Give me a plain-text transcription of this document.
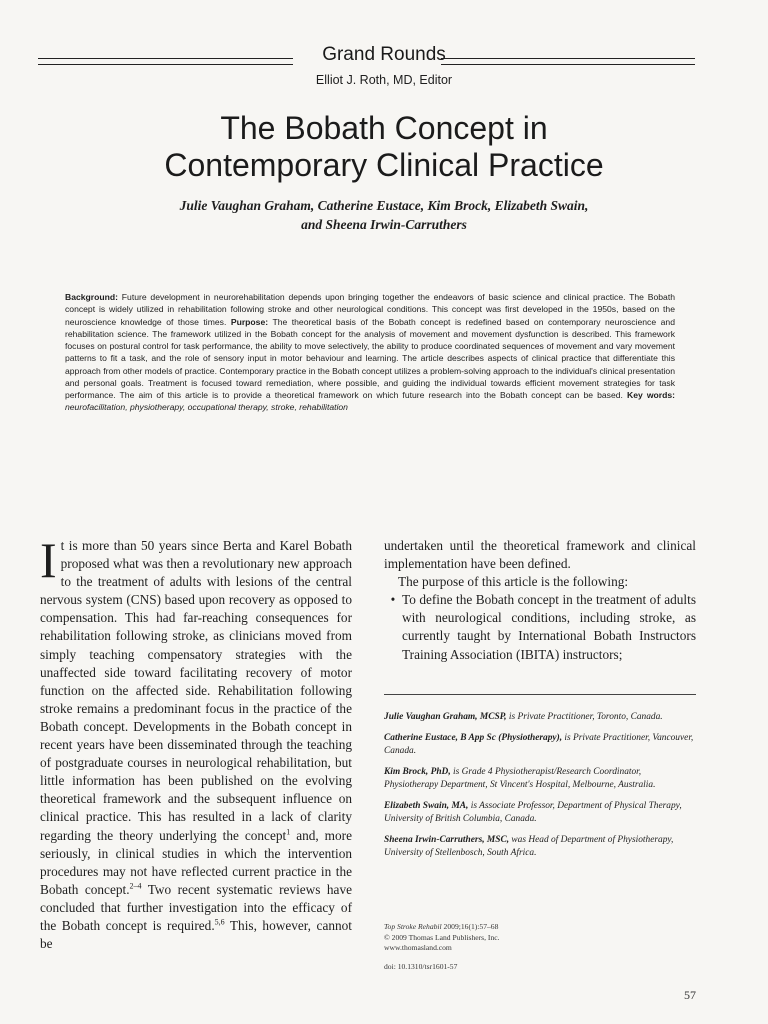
Grand Rounds
Elliot J. Roth, MD, Editor
The Bobath Concept in
Contemporary Clinical Practice
Julie Vaughan Graham, Catherine Eustace, Kim Brock, Elizabeth Swain,
and Sheena Irwin-Carruthers
Background: Future development in neurorehabilitation depends upon bringing together the endeavors of basic science and clinical practice. The Bobath concept is widely utilized in rehabilitation following stroke and other neurological conditions. This concept was first developed in the 1950s, based on the neuroscience knowledge of those times. Purpose: The theoretical basis of the Bobath concept is redefined based on contemporary neuroscience and rehabilitation science. The framework utilized in the Bobath concept for the analysis of movement and movement dysfunction is described. This framework focuses on postural control for task performance, the ability to move selectively, the ability to produce coordinated sequences of movement and vary movement patterns to fit a task, and the role of sensory input in motor behaviour and learning. The article describes aspects of clinical practice that differentiate this approach from other models of practice. Contemporary practice in the Bobath concept utilizes a problem-solving approach to the individual's clinical presentation and personal goals. Treatment is focused toward remediation, where possible, and guiding the individual towards efficient movement strategies for task performance. The aim of this article is to provide a theoretical framework on which future research into the Bobath concept can be based. Key words: neurofacilitation, physiotherapy, occupational therapy, stroke, rehabilitation
It is more than 50 years since Berta and Karel Bobath proposed what was then a revolutionary new approach to the treatment of adults with lesions of the central nervous system (CNS) based upon recovery as opposed to compensation. This had far-reaching consequences for rehabilitation following stroke, as clinicians moved from simply teaching compensatory strategies with the unaffected side toward facilitating recovery of motor function on the affected side. Rehabilitation following stroke remains a predominant focus in the practice of the Bobath concept. Developments in the Bobath concept in recent years have been disseminated through the teaching of postgraduate courses in neurological rehabilitation, but little information has been published on the evolving theoretical framework and the subsequent influence on clinical practice. This has resulted in a lack of clarity regarding the theory underlying the concept$^1$ and, more seriously, in clinical studies in which the intervention procedures may not have reflected current practice in the Bobath concept.$^{2-4}$ Two recent systematic reviews have concluded that further investigation into the efficacy of the Bobath concept is required.$^{5,6}$ This, however, cannot be

undertaken until the theoretical framework and clinical implementation have been defined.

The purpose of this article is the following:

• To define the Bobath concept in the treatment of adults with neurological conditions, including stroke, as currently taught by International Bobath Instructors Training Association (IBITA) instructors;

Julie Vaughan Graham, MCSP, is Private Practitioner, Toronto, Canada.

Catherine Eustace, B App Sc (Physiotherapy), is Private Practitioner, Vancouver, Canada.

Kim Brock, PhD, is Grade 4 Physiotherapist/Research Coordinator, Physiotherapy Department, St Vincent's Hospital, Melbourne, Australia.

Elizabeth Swain, MA, is Associate Professor, Department of Physical Therapy, University of British Columbia, Canada.

Sheena Irwin-Carruthers, MSC, was Head of Department of Physiotherapy, University of Stellenbosch, South Africa.

Top Stroke Rehabil 2009;16(1):57–68
© 2009 Thomas Land Publishers, Inc.
www.thomasland.com
doi: 10.1310/tsr1601-57
57
